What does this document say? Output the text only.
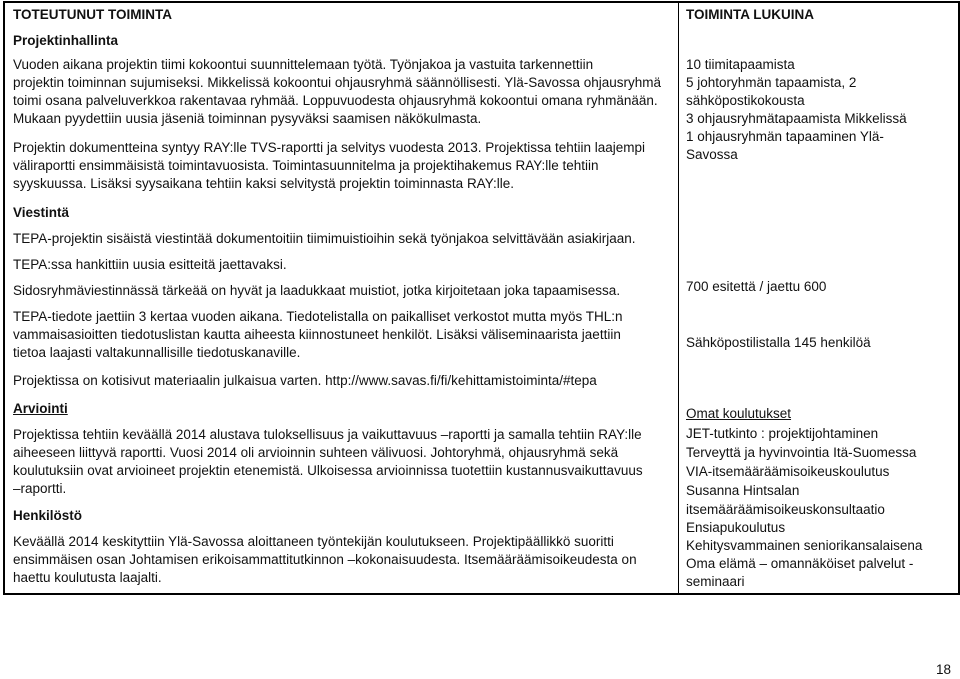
TOTEUTUNUT TOIMINTA
Projektinhallinta
Vuoden aikana projektin tiimi kokoontui suunnittelemaan työtä. Työnjakoa ja vastuita tarkennettiin
projektin toiminnan sujumiseksi. Mikkelissä kokoontui ohjausryhmä säännöllisesti. Ylä-Savossa ohjausryhmä
toimi osana palveluverkkoa rakentavaa ryhmää. Loppuvuodesta ohjausryhmä kokoontui omana ryhmänään.
Mukaan pyydettiin uusia jäseniä toiminnan pysyväksi saamisen näkökulmasta.
Projektin dokumentteina syntyy RAY:lle TVS-raportti ja selvitys vuodesta 2013. Projektissa tehtiin laajempi
väliraportti ensimmäisistä toimintavuosista. Toimintasuunnitelma ja projektihakemus RAY:lle tehtiin
syyskuussa. Lisäksi syysaikana tehtiin kaksi selvitystä projektin toiminnasta RAY:lle.
Viestintä
TEPA-projektin sisäistä viestintää dokumentoitiin tiimimuistioihin sekä työnjakoa selvittävään asiakirjaan.
TEPA:ssa hankittiin uusia esitteitä jaettavaksi.
Sidosryhmäviestinnässä tärkeää on hyvät ja laadukkaat muistiot, jotka kirjoitetaan joka tapaamisessa.
TEPA-tiedote jaettiin 3 kertaa vuoden aikana. Tiedotelistalla on paikalliset verkostot mutta myös THL:n
vammaisasioitten tiedotuslistan kautta aiheesta kiinnostuneet henkilöt. Lisäksi väliseminaarista jaettiin
tietoa laajasti valtakunnallisille tiedotuskanaville.
Projektissa on kotisivut materiaalin julkaisua varten. http://www.savas.fi/fi/kehittamistoiminta/#tepa
Arviointi
Projektissa tehtiin keväällä 2014 alustava tuloksellisuus ja vaikuttavuus –raportti ja samalla tehtiin RAY:lle
aiheeseen liittyvä raportti. Vuosi 2014 oli arvioinnin suhteen välivuosi. Johtoryhmä, ohjausryhmä sekä
koulutuksiin ovat arvioineet projektin etenemistä. Ulkoisessa arvioinnissa tuotettiin kustannusvaikuttavuus
–raportti.
Henkilöstö
Keväällä 2014 keskityttiin Ylä-Savossa aloittaneen työntekijän koulutukseen. Projektipäällikkö suoritti
ensimmäisen osan Johtamisen erikoisammattitutkinnon –kokonaisuudesta. Itsemääräämisoikeudesta on
haettu koulutusta laajalti.
TOIMINTA LUKUINA
10 tiimitapaamista
5 johtoryhmän tapaamista, 2
sähköpostikokousta
3 ohjausryhmätapaamista Mikkelissä
1 ohjausryhmän tapaaminen Ylä-
Savossa
700 esitettä / jaettu 600
Sähköpostilistalla 145 henkilöä
Omat koulutukset
JET-tutkinto : projektijohtaminen
Terveyttä ja hyvinvointia Itä-Suomessa
VIA-itsemääräämisoikeuskoulutus
Susanna Hintsalan
itsemääräämisoikeuskonsultaatio
Ensiapukoulutus
Kehitysvammainen seniorikansalaisena
Oma elämä – omannäköiset palvelut -
seminaari
18
